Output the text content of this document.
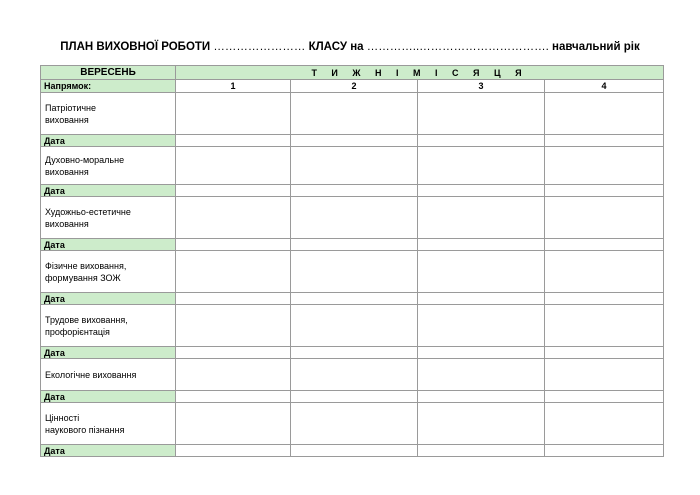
ПЛАН ВИХОВНОЇ РОБОТИ …………………… КЛАСУ на …………..……………………………. навчальний рік
ВЕРЕСЕНЬ	Т И Ж Н І М І С Я Ц Я			
Напрямок:	1	2	3	4
Патріотичне
виховання				
Дата				
Духовно-моральне
виховання				
Дата				
Художньо-естетичне
виховання				
Дата				
Фізичне виховання,
формування ЗОЖ				
Дата				
Трудове виховання,
профорієнтація				
Дата				
Екологічне виховання				
Дата				
Цінності
наукового пізнання				
Дата				
